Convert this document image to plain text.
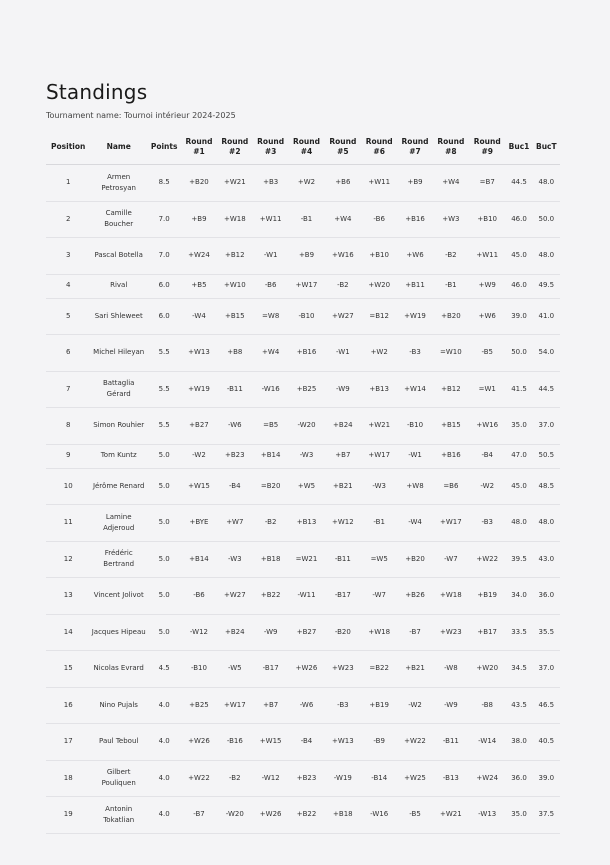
Standings
Tournament name: Tournoi intérieur 2024-2025
Position	Name	Points	Round #1	Round #2	Round #3	Round #4	Round #5	Round #6	Round #7	Round #8	Round #9	Buc1	BucT
1	Armen Petrosyan	8.5	+B20	+W21	+B3	+W2	+B6	+W11	+B9	+W4	=B7	44.5	48.0
2	Camille Boucher	7.0	+B9	+W18	+W11	-B1	+W4	-B6	+B16	+W3	+B10	46.0	50.0
3	Pascal Botella	7.0	+W24	+B12	-W1	+B9	+W16	+B10	+W6	-B2	+W11	45.0	48.0
4	Rival	6.0	+B5	+W10	-B6	+W17	-B2	+W20	+B11	-B1	+W9	46.0	49.5
5	Sari Shleweet	6.0	-W4	+B15	=W8	-B10	+W27	=B12	+W19	+B20	+W6	39.0	41.0
6	Michel Hileyan	5.5	+W13	+B8	+W4	+B16	-W1	+W2	-B3	=W10	-B5	50.0	54.0
7	Battaglia Gérard	5.5	+W19	-B11	-W16	+B25	-W9	+B13	+W14	+B12	=W1	41.5	44.5
8	Simon Rouhier	5.5	+B27	-W6	=B5	-W20	+B24	+W21	-B10	+B15	+W16	35.0	37.0
9	Tom Kuntz	5.0	-W2	+B23	+B14	-W3	+B7	+W17	-W1	+B16	-B4	47.0	50.5
10	Jérôme Renard	5.0	+W15	-B4	=B20	+W5	+B21	-W3	+W8	=B6	-W2	45.0	48.5
11	Lamine Adjeroud	5.0	+BYE	+W7	-B2	+B13	+W12	-B1	-W4	+W17	-B3	48.0	48.0
12	Frédéric Bertrand	5.0	+B14	-W3	+B18	=W21	-B11	=W5	+B20	-W7	+W22	39.5	43.0
13	Vincent Jolivot	5.0	-B6	+W27	+B22	-W11	-B17	-W7	+B26	+W18	+B19	34.0	36.0
14	Jacques Hipeau	5.0	-W12	+B24	-W9	+B27	-B20	+W18	-B7	+W23	+B17	33.5	35.5
15	Nicolas Evrard	4.5	-B10	-W5	-B17	+W26	+W23	=B22	+B21	-W8	+W20	34.5	37.0
16	Nino Pujals	4.0	+B25	+W17	+B7	-W6	-B3	+B19	-W2	-W9	-B8	43.5	46.5
17	Paul Teboul	4.0	+W26	-B16	+W15	-B4	+W13	-B9	+W22	-B11	-W14	38.0	40.5
18	Gilbert Pouliquen	4.0	+W22	-B2	-W12	+B23	-W19	-B14	+W25	-B13	+W24	36.0	39.0
19	Antonin Tokatlian	4.0	-B7	-W20	+W26	+B22	+B18	-W16	-B5	+W21	-W13	35.0	37.5
